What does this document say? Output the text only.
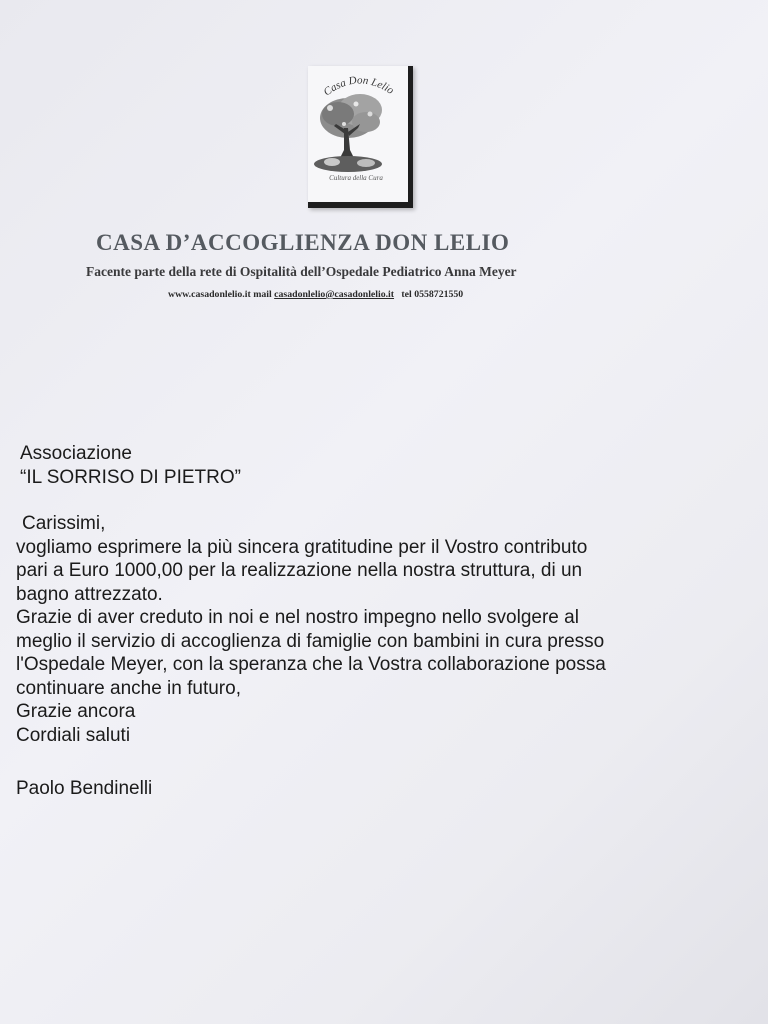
Casa Don Lelio
Cultura della Cura
CASA D’ACCOGLIENZA DON LELIO
Facente parte della rete di Ospitalità dell’Ospedale Pediatrico Anna Meyer
www.casadonlelio.it mail casadonlelio@casadonlelio.it tel 0558721550
Associazione
“IL SORRISO DI PIETRO”
Carissimi,
vogliamo esprimere la più sincera gratitudine per il Vostro contributo
pari a Euro 1000,00 per la realizzazione nella nostra struttura, di un
bagno attrezzato.
Grazie di aver creduto in noi e nel nostro impegno nello svolgere al
meglio il servizio di accoglienza di famiglie con bambini in cura presso
l'Ospedale Meyer, con la speranza che la Vostra collaborazione possa
continuare anche in futuro,
Grazie ancora
Cordiali saluti
Paolo Bendinelli
